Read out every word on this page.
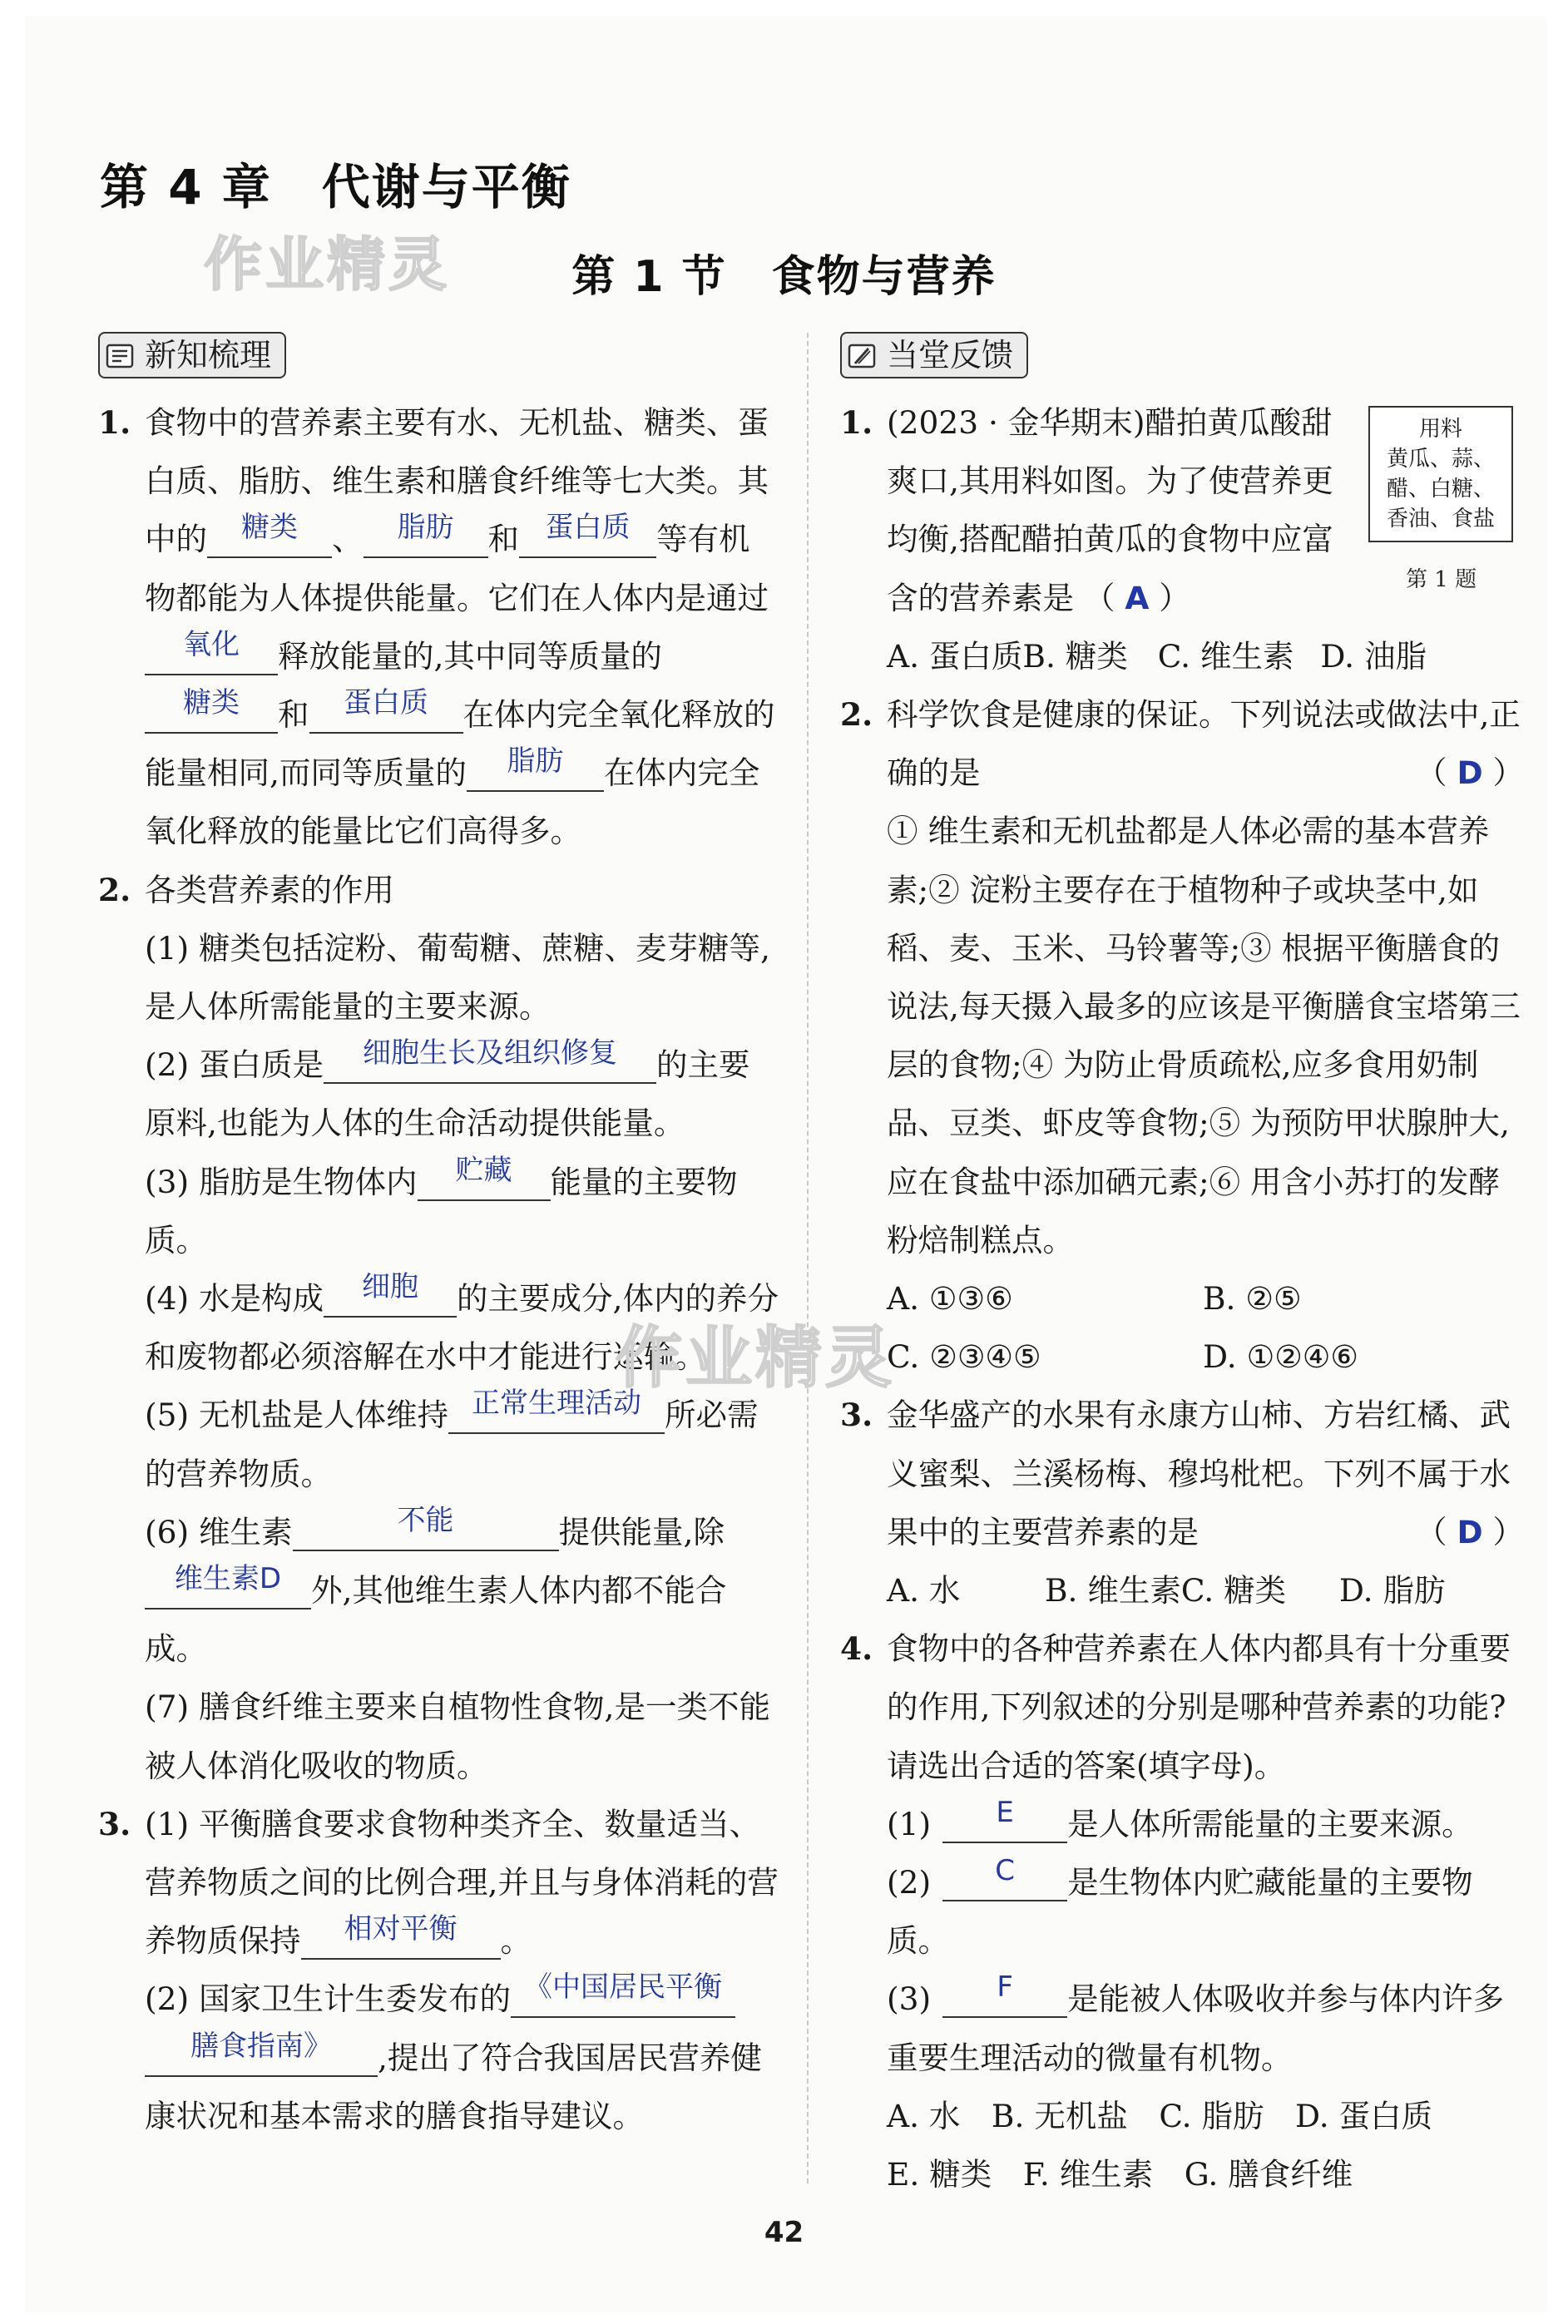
第 4 章　代谢与平衡
作业精灵	第 1 节　食物与营养
新知梳理
1. 食物中的营养素主要有水、无机盐、糖类、蛋白质、脂肪、维生素和膳食纤维等七大类。其中的 糖类 、 脂肪 和 蛋白质 等有机物都能为人体提供能量。它们在人体内是通过氧化 释放能量的,其中同等质量的糖类 和 蛋白质 在体内完全氧化释放的能量相同,而同等质量的 脂肪 在体内完全氧化释放的能量比它们高得多。
2. 各类营养素的作用
(1) 糖类包括淀粉、葡萄糖、蔗糖、麦芽糖等,是人体所需能量的主要来源。
(2) 蛋白质是 细胞生长及组织修复 的主要原料,也能为人体的生命活动提供能量。
(3) 脂肪是生物体内 贮藏 能量的主要物质。
(4) 水是构成 细胞 的主要成分,体内的养分和废物都必须溶解在水中才能进行运输。
(5) 无机盐是人体维持 正常生理活动 所必需的营养物质。
(6) 维生素	不能	提供能量,除维生素D 外,其他维生素人体内都不能合成。
(7) 膳食纤维主要来自植物性食物,是一类不能被人体消化吸收的物质。
3. (1) 平衡膳食要求食物种类齐全、数量适当、营养物质之间的比例合理,并且与身体消耗的营养物质保持 相对平衡 。
(2) 国家卫生计生委发布的 《中国居民平衡膳食指南》 ,提出了符合我国居民营养健康状况和基本需求的膳食指导建议。
当堂反馈
1. (2023 · 金华期末)醋拍黄瓜酸甜爽口,其用料如图。为了使营养更均衡,搭配醋拍黄瓜的食物中应富含的营养素是 （ A ）
A. 蛋白质B. 糖类 C. 维生素 D. 油脂
2. 科学饮食是健康的保证。下列说法或做法中,正确的是	（ D ）
① 维生素和无机盐都是人体必需的基本营养素;② 淀粉主要存在于植物种子或块茎中,如稻、麦、玉米、马铃薯等;③ 根据平衡膳食的说法,每天摄入最多的应该是平衡膳食宝塔第三层的食物;④ 为防止骨质疏松,应多食用奶制品、豆类、虾皮等食物;⑤ 为预防甲状腺肿大,应在食盐中添加硒元素;⑥ 用含小苏打的发酵粉焙制糕点。
A. ①③⑥	B. ②⑤
C. ②③④⑤	D. ①②④⑥
3. 金华盛产的水果有永康方山柿、方岩红橘、武义蜜梨、兰溪杨梅、穆坞枇杷。下列不属于水果中的主要营养素的是	（ D ）
A. 水	B. 维生素C. 糖类 D. 脂肪
4. 食物中的各种营养素在人体内都具有十分重要的作用,下列叙述的分别是哪种营养素的功能?请选出合适的答案(填字母)。
(1) E 是人体所需能量的主要来源。
(2) C 是生物体内贮藏能量的主要物质。
(3) F 是能被人体吸收并参与体内许多重要生理活动的微量有机物。
A. 水　B. 无机盐　C. 脂肪　D. 蛋白质
E. 糖类　F. 维生素　G. 膳食纤维
用料
黄瓜、蒜、
醋、白糖、
香油、食盐
第 1 题
作业精灵
42
